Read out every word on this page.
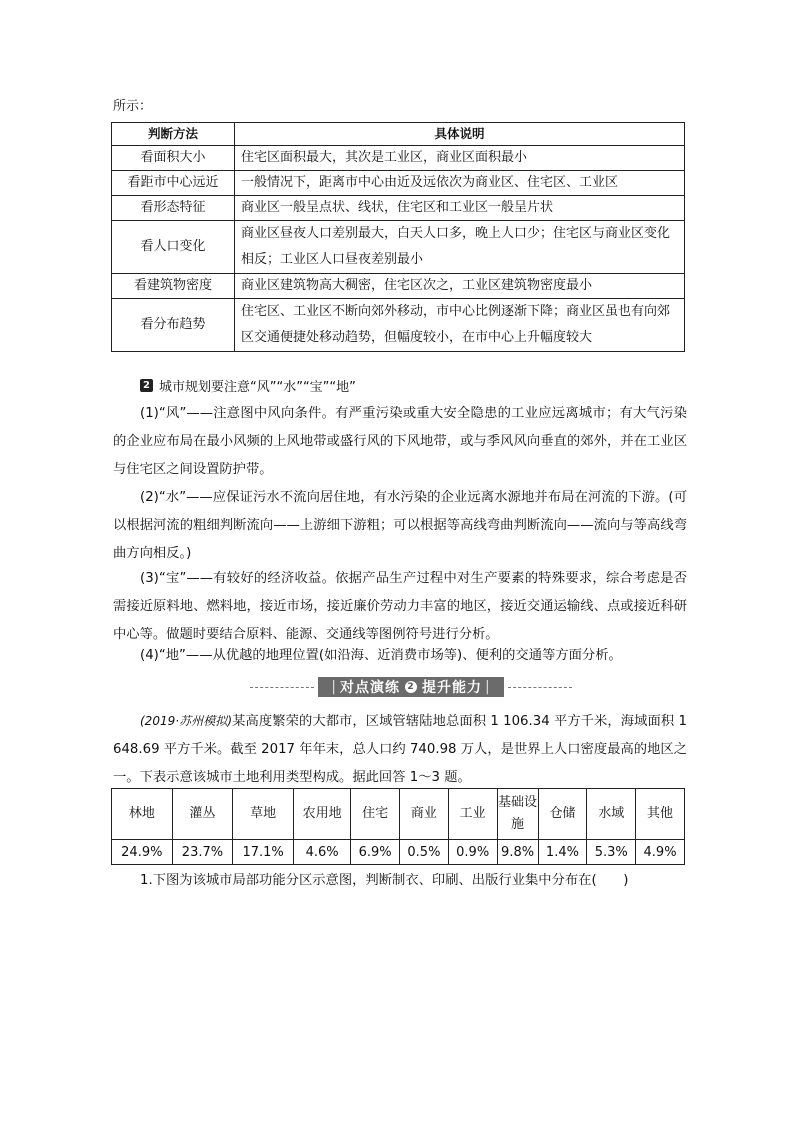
所示：
判断方法	具体说明
看面积大小	住宅区面积最大，其次是工业区，商业区面积最小
看距市中心远近	一般情况下，距离市中心由近及远依次为商业区、住宅区、工业区
看形态特征	商业区一般呈点状、线状，住宅区和工业区一般呈片状
看人口变化	商业区昼夜人口差别最大，白天人口多，晚上人口少；住宅区与商业区变化相反；工业区人口昼夜差别最小
看建筑物密度	商业区建筑物高大稠密，住宅区次之，工业区建筑物密度最小
看分布趋势	住宅区、工业区不断向郊外移动，市中心比例逐渐下降；商业区虽也有向郊区交通便捷处移动趋势，但幅度较小，在市中心上升幅度较大
2 城市规划要注意“风”“水”“宝”“地”
(1)“风”——注意图中风向条件。有严重污染或重大安全隐患的工业应远离城市；有大气污染的企业应布局在最小风频的上风地带或盛行风的下风地带，或与季风风向垂直的郊外，并在工业区与住宅区之间设置防护带。
(2)“水”——应保证污水不流向居住地，有水污染的企业远离水源地并布局在河流的下游。(可以根据河流的粗细判断流向——上游细下游粗；可以根据等高线弯曲判断流向——流向与等高线弯曲方向相反。)
(3)“宝”——有较好的经济收益。依据产品生产过程中对生产要素的特殊要求，综合考虑是否需接近原料地、燃料地，接近市场，接近廉价劳动力丰富的地区，接近交通运输线、点或接近科研中心等。做题时要结合原料、能源、交通线等图例符号进行分析。
(4)“地”——从优越的地理位置(如沿海、近消费市场等)、便利的交通等方面分析。
| 对点演练 2 提升能力 |
(2019·苏州模拟)某高度繁荣的大都市，区域管辖陆地总面积 1 106.34 平方千米，海域面积 1 648.69 平方千米。截至 2017 年年末，总人口约 740.98 万人，是世界上人口密度最高的地区之一。下表示意该城市土地利用类型构成。据此回答 1～3 题。
林地	灌丛	草地	农用地	住宅	商业	工业	基础设施	仓储	水域	其他
24.9%	23.7%	17.1%	4.6%	6.9%	0.5%	0.9%	9.8%	1.4%	5.3%	4.9%
1.下图为该城市局部功能分区示意图，判断制衣、印刷、出版行业集中分布在(　　)
